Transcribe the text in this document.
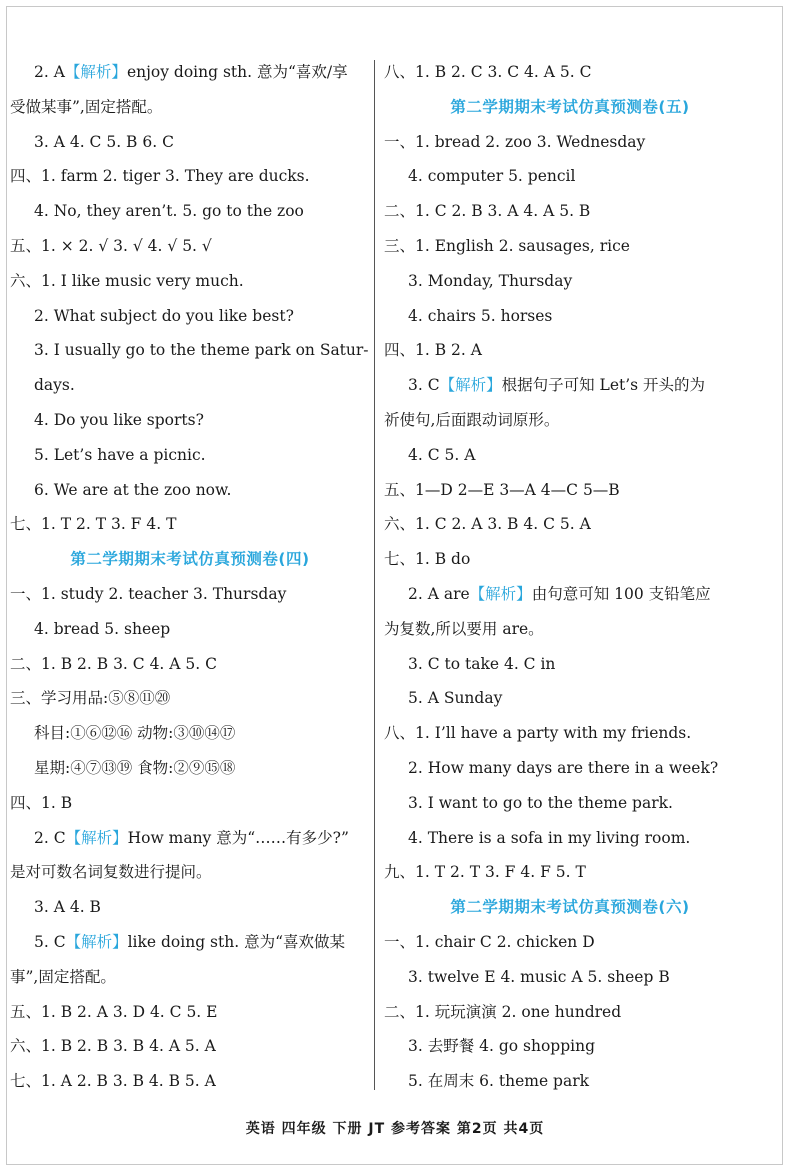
2. A【解析】enjoy doing sth. 意为“喜欢/享
受做某事”,固定搭配。
3. A 4. C 5. B 6. C
四、1. farm 2. tiger 3. They are ducks.
4. No, they aren’t. 5. go to the zoo
五、1. × 2. √ 3. √ 4. √ 5. √
六、1. I like music very much.
2. What subject do you like best?
3. I usually go to the theme park on Satur-
days.
4. Do you like sports?
5. Let’s have a picnic.
6. We are at the zoo now.
七、1. T 2. T 3. F 4. T
第二学期期末考试仿真预测卷(四)
一、1. study 2. teacher 3. Thursday
4. bread 5. sheep
二、1. B 2. B 3. C 4. A 5. C
三、学习用品:⑤⑧⑪⑳
科目:①⑥⑫⑯ 动物:③⑩⑭⑰
星期:④⑦⑬⑲ 食物:②⑨⑮⑱
四、1. B
2. C【解析】How many 意为“……有多少?”
是对可数名词复数进行提问。
3. A 4. B
5. C【解析】like doing sth. 意为“喜欢做某
事”,固定搭配。
五、1. B 2. A 3. D 4. C 5. E
六、1. B 2. B 3. B 4. A 5. A
七、1. A 2. B 3. B 4. B 5. A
八、1. B 2. C 3. C 4. A 5. C
第二学期期末考试仿真预测卷(五)
一、1. bread 2. zoo 3. Wednesday
4. computer 5. pencil
二、1. C 2. B 3. A 4. A 5. B
三、1. English 2. sausages, rice
3. Monday, Thursday
4. chairs 5. horses
四、1. B 2. A
3. C【解析】根据句子可知 Let’s 开头的为
祈使句,后面跟动词原形。
4. C 5. A
五、1—D 2—E 3—A 4—C 5—B
六、1. C 2. A 3. B 4. C 5. A
七、1. B do
2. A are【解析】由句意可知 100 支铅笔应
为复数,所以要用 are。
3. C to take 4. C in
5. A Sunday
八、1. I’ll have a party with my friends.
2. How many days are there in a week?
3. I want to go to the theme park.
4. There is a sofa in my living room.
九、1. T 2. T 3. F 4. F 5. T
第二学期期末考试仿真预测卷(六)
一、1. chair C 2. chicken D
3. twelve E 4. music A 5. sheep B
二、1. 玩玩演演 2. one hundred
3. 去野餐 4. go shopping
5. 在周末 6. theme park
英语 四年级 下册 JT 参考答案 第2页 共4页
